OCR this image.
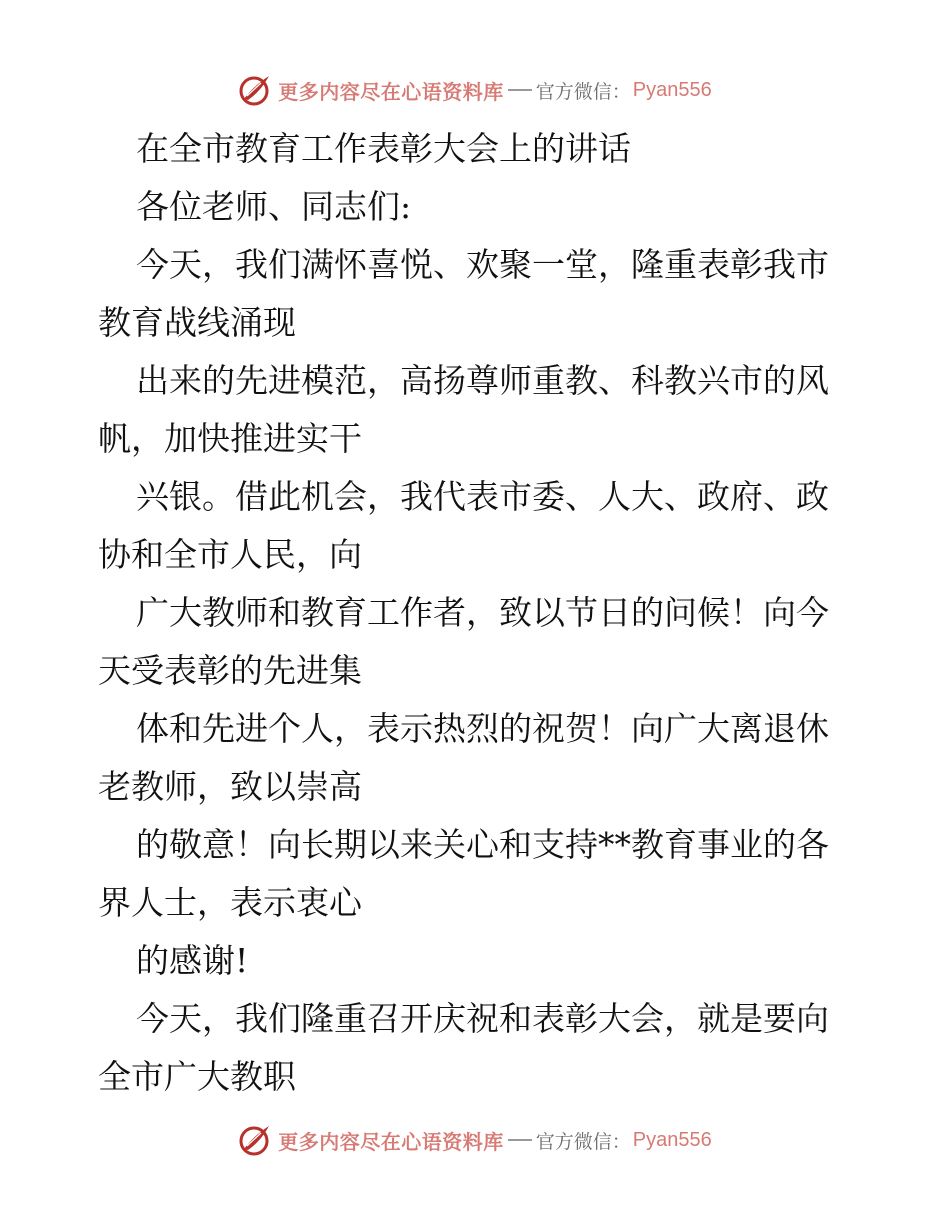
更多内容尽在心语资料库 官方微信： Pyan556
在全市教育工作表彰大会上的讲话
各位老师、同志们:
今天，我们满怀喜悦、欢聚一堂，隆重表彰我市
教育战线涌现
出来的先进模范，高扬尊师重教、科教兴市的风
帆，加快推进实干
兴银。借此机会，我代表市委、人大、政府、政
协和全市人民，向
广大教师和教育工作者，致以节日的问候！向今
天受表彰的先进集
体和先进个人，表示热烈的祝贺！向广大离退休
老教师，致以崇高
的敬意！向长期以来关心和支持**教育事业的各
界人士，表示衷心
的感谢!
今天，我们隆重召开庆祝和表彰大会，就是要向
全市广大教职
更多内容尽在心语资料库 官方微信： Pyan556
